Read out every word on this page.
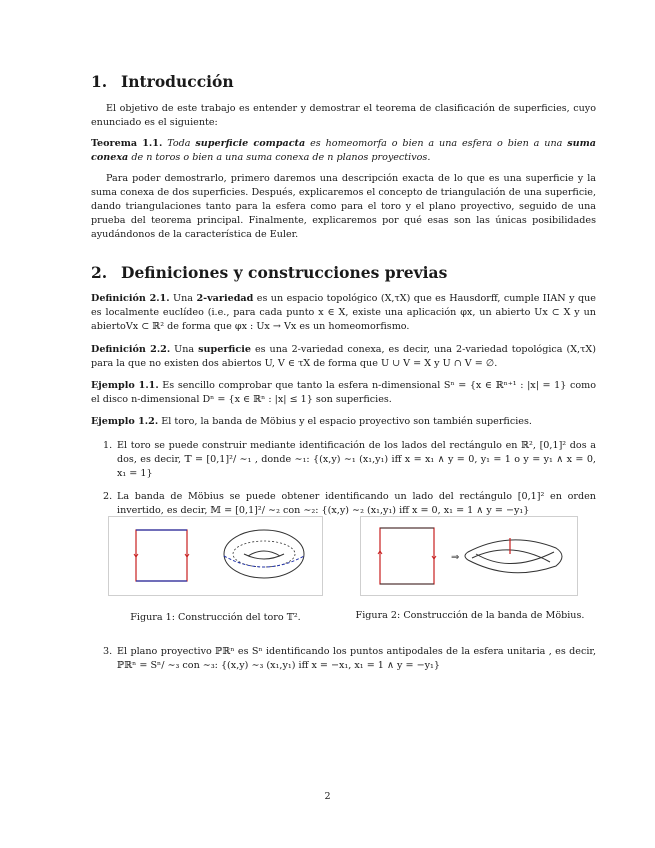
1. Introducción

El objetivo de este trabajo es entender y demostrar el teorema de clasificación de superficies, cuyo enunciado es el siguiente:

Teorema 1.1. Toda superficie compacta es homeomorfa o bien a una esfera o bien a una suma conexa de n toros o bien a una suma conexa de n planos proyectivos.

Para poder demostrarlo, primero daremos una descripción exacta de lo que es una superficie y la suma conexa de dos superficies. Después, explicaremos el concepto de triangulación de una superficie, dando triangulaciones tanto para la esfera como para el toro y el plano proyectivo, seguido de una prueba del teorema principal. Finalmente, explicaremos por qué esas son las únicas posibilidades ayudándonos de la característica de Euler.

2. Definiciones y construcciones previas

Definición 2.1. Una 2-variedad es un espacio topológico (X,τX) que es Hausdorff, cumple IIAN y que es localmente euclídeo (i.e., para cada punto x ∈ X, existe una aplicación φx, un abierto Ux ⊂ X y un abiertoVx ⊂ ℝ² de forma que φx : Ux → Vx es un homeomorfismo.

Definición 2.2. Una superficie es una 2-variedad conexa, es decir, una 2-variedad topológica (X,τX) para la que no existen dos abiertos U, V ∈ τX de forma que U ∪ V = X y U ∩ V = ∅.

Ejemplo 1.1. Es sencillo comprobar que tanto la esfera n-dimensional Sⁿ = {x ∈ ℝⁿ⁺¹ : |x| = 1} como el disco n-dimensional Dⁿ = {x ∈ ℝⁿ : |x| ≤ 1} son superficies.

Ejemplo 1.2. El toro, la banda de Möbius y el espacio proyectivo son también superficies.

1. El toro se puede construir mediante identificación de los lados del rectángulo en ℝ², [0,1]² dos a dos, es decir, 𝕋 = [0,1]²/ ∼₁ , donde ∼₁: {(x,y) ∼₁ (x₁,y₁) iff x = x₁ ∧ y = 0, y₁ = 1 o y = y₁ ∧ x = 0, x₁ = 1}
2. La banda de Möbius se puede obtener identificando un lado del rectángulo [0,1]² en orden invertido, es decir, 𝕄 = [0,1]²/ ∼₂ con ∼₂: {(x,y) ∼₂ (x₁,y₁) iff x = 0, x₁ = 1 ∧ y = −y₁}
⇒
Figura 1: Construcción del toro 𝕋².	Figura 2: Construcción de la banda de Möbius.
3. El plano proyectivo ℙℝⁿ es Sⁿ identificando los puntos antipodales de la esfera unitaria , es decir, ℙℝⁿ = Sⁿ/ ∼₃ con ∼₃: {(x,y) ∼₃ (x₁,y₁) iff x = −x₁, x₁ = 1 ∧ y = −y₁}
2
